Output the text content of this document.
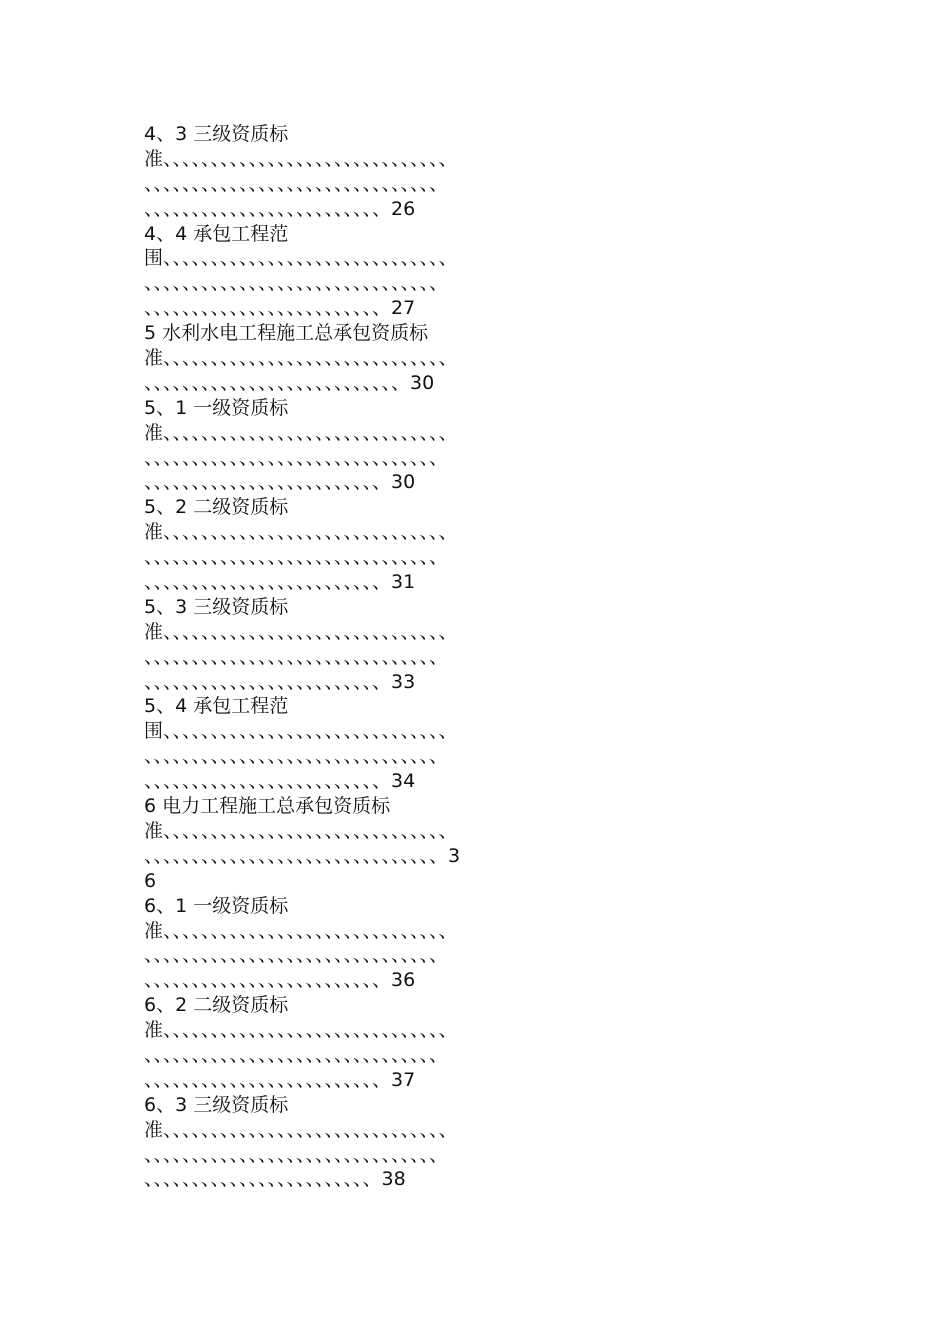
4、3 三级资质标
准、、、、、、、、、、、、、、、、、、、、、、、、、、、、、、
、、、、、、、、、、、、、、、、、、、、、、、、、、、、、、、
、、、、、、、、、、、、、、、、、、、、、、、、、26
4、4 承包工程范
围、、、、、、、、、、、、、、、、、、、、、、、、、、、、、、
、、、、、、、、、、、、、、、、、、、、、、、、、、、、、、、
、、、、、、、、、、、、、、、、、、、、、、、、、27
5 水利水电工程施工总承包资质标
准、、、、、、、、、、、、、、、、、、、、、、、、、、、、、、
、、、、、、、、、、、、、、、、、、、、、、、、、、、30
5、1 一级资质标
准、、、、、、、、、、、、、、、、、、、、、、、、、、、、、、
、、、、、、、、、、、、、、、、、、、、、、、、、、、、、、、
、、、、、、、、、、、、、、、、、、、、、、、、、30
5、2 二级资质标
准、、、、、、、、、、、、、、、、、、、、、、、、、、、、、、
、、、、、、、、、、、、、、、、、、、、、、、、、、、、、、、
、、、、、、、、、、、、、、、、、、、、、、、、、31
5、3 三级资质标
准、、、、、、、、、、、、、、、、、、、、、、、、、、、、、、
、、、、、、、、、、、、、、、、、、、、、、、、、、、、、、、
、、、、、、、、、、、、、、、、、、、、、、、、、33
5、4 承包工程范
围、、、、、、、、、、、、、、、、、、、、、、、、、、、、、、
、、、、、、、、、、、、、、、、、、、、、、、、、、、、、、、
、、、、、、、、、、、、、、、、、、、、、、、、、34
6 电力工程施工总承包资质标
准、、、、、、、、、、、、、、、、、、、、、、、、、、、、、、
、、、、、、、、、、、、、、、、、、、、、、、、、、、、、、、3
6
6、1 一级资质标
准、、、、、、、、、、、、、、、、、、、、、、、、、、、、、、
、、、、、、、、、、、、、、、、、、、、、、、、、、、、、、、
、、、、、、、、、、、、、、、、、、、、、、、、、36
6、2 二级资质标
准、、、、、、、、、、、、、、、、、、、、、、、、、、、、、、
、、、、、、、、、、、、、、、、、、、、、、、、、、、、、、、
、、、、、、、、、、、、、、、、、、、、、、、、、37
6、3 三级资质标
准、、、、、、、、、、、、、、、、、、、、、、、、、、、、、、
、、、、、、、、、、、、、、、、、、、、、、、、、、、、、、、
、、、、、、、、、、、、、、、、、、、、、、、、38
